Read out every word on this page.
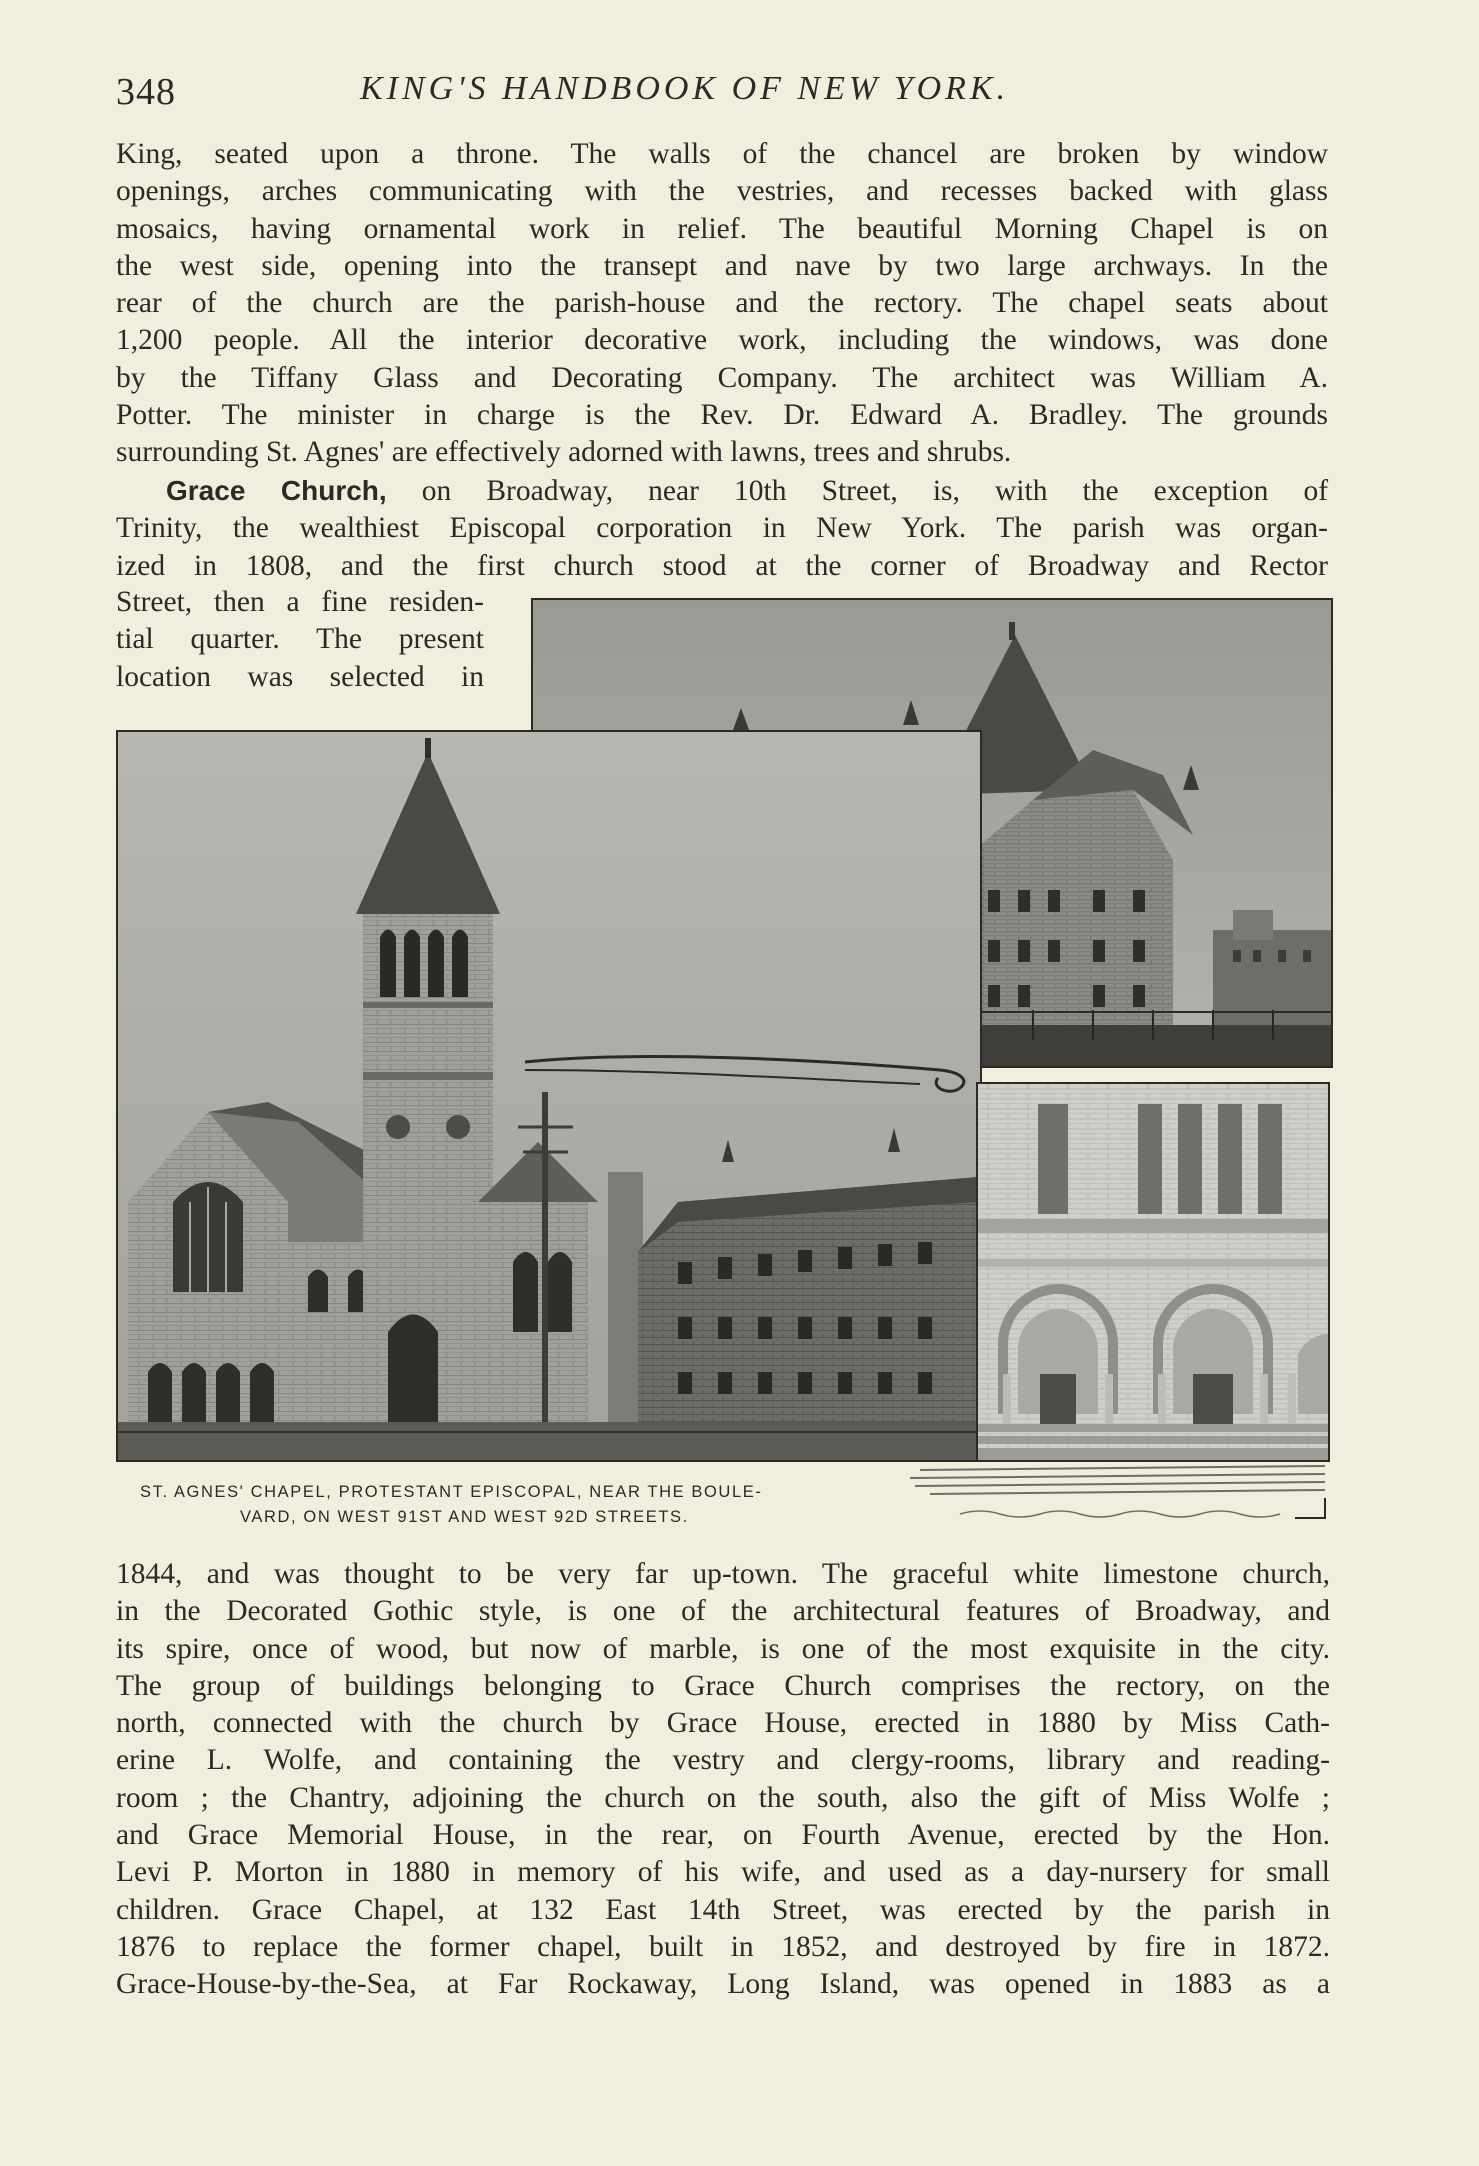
348	KING'S HANDBOOK OF NEW YORK.
King, seated upon a throne. The walls of the chancel are broken by window
openings, arches communicating with the vestries, and recesses backed with glass
mosaics, having ornamental work in relief. The beautiful Morning Chapel is on
the west side, opening into the transept and nave by two large archways. In the
rear of the church are the parish-house and the rectory. The chapel seats about
1,200 people. All the interior decorative work, including the windows, was done
by the Tiffany Glass and Decorating Company. The architect was William A.
Potter. The minister in charge is the Rev. Dr. Edward A. Bradley. The grounds
surrounding St. Agnes' are effectively adorned with lawns, trees and shrubs.
Grace Church, on Broadway, near 10th Street, is, with the exception of
Trinity, the wealthiest Episcopal corporation in New York. The parish was organ-
ized in 1808, and the first church stood at the corner of Broadway and Rector
Street, then a fine residen-
tial quarter. The present
location was selected in
ST. AGNES' CHAPEL, PROTESTANT EPISCOPAL, NEAR THE BOULE-
VARD, ON WEST 91ST AND WEST 92D STREETS.
1844, and was thought to be very far up-town. The graceful white limestone church,
in the Decorated Gothic style, is one of the architectural features of Broadway, and
its spire, once of wood, but now of marble, is one of the most exquisite in the city.
The group of buildings belonging to Grace Church comprises the rectory, on the
north, connected with the church by Grace House, erected in 1880 by Miss Cath-
erine L. Wolfe, and containing the vestry and clergy-rooms, library and reading-
room ; the Chantry, adjoining the church on the south, also the gift of Miss Wolfe ;
and Grace Memorial House, in the rear, on Fourth Avenue, erected by the Hon.
Levi P. Morton in 1880 in memory of his wife, and used as a day-nursery for small
children. Grace Chapel, at 132 East 14th Street, was erected by the parish in
1876 to replace the former chapel, built in 1852, and destroyed by fire in 1872.
Grace-House-by-the-Sea, at Far Rockaway, Long Island, was opened in 1883 as a
